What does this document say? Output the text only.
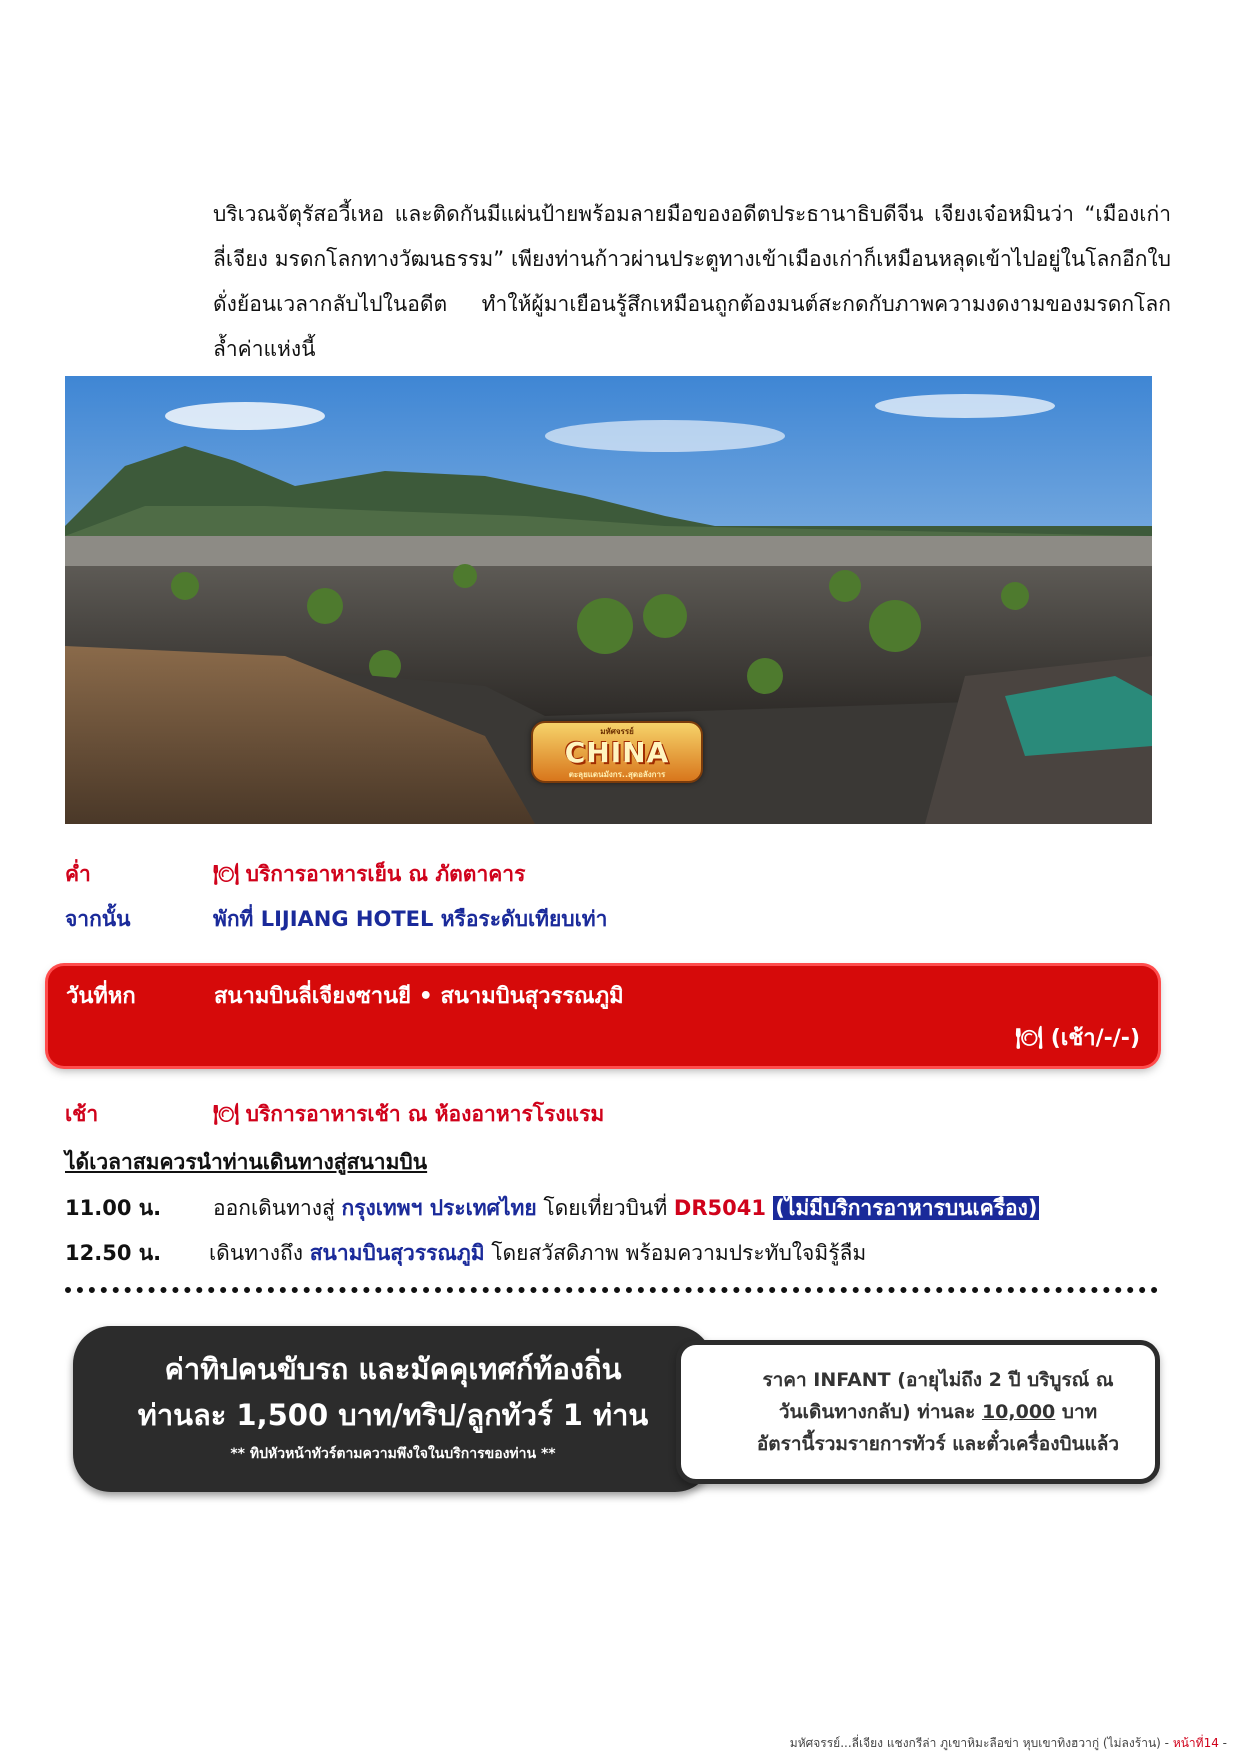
บริเวณจัตุรัสอวี้เหอ และติดกันมีแผ่นป้ายพร้อมลายมือของอดีตประธานาธิบดีจีน เจียงเจ๋อหมินว่า “เมืองเก่าลี่เจียง มรดกโลกทางวัฒนธรรม” เพียงท่านก้าวผ่านประตูทางเข้าเมืองเก่าก็เหมือนหลุดเข้าไปอยู่ในโลกอีกใบดั่งย้อนเวลากลับไปในอดีต ทำให้ผู้มาเยือนรู้สึกเหมือนถูกต้องมนต์สะกดกับภาพความงดงามของมรดกโลกล้ำค่าแห่งนี้

มหัศจรรย์
CHINA
ตะลุยแดนมังกร..สุดอลังการ
ค่ำ	🍽 บริการอาหารเย็น ณ ภัตตาคาร
จากนั้น	พักที่ LIJIANG HOTEL หรือระดับเทียบเท่า
วันที่หก	สนามบินลี่เจียงซานยี • สนามบินสุวรรณภูมิ
🍽 (เช้า/-/-)
เช้า	🍽 บริการอาหารเช้า ณ ห้องอาหารโรงแรม
ได้เวลาสมควรนำท่านเดินทางสู่สนามบิน
11.00 น. ออกเดินทางสู่ กรุงเทพฯ ประเทศไทย โดยเที่ยวบินที่ DR5041 (ไม่มีบริการอาหารบนเครื่อง)
12.50 น. เดินทางถึง สนามบินสุวรรณภูมิ โดยสวัสดิภาพ พร้อมความประทับใจมิรู้ลืม
ค่าทิปคนขับรถ และมัคคุเทศก์ท้องถิ่น
ท่านละ 1,500 บาท/ทริป/ลูกทัวร์ 1 ท่าน
** ทิปหัวหน้าทัวร์ตามความพึงใจในบริการของท่าน **
ราคา INFANT (อายุไม่ถึง 2 ปี บริบูรณ์ ณ
วันเดินทางกลับ) ท่านละ 10,000 บาท
อัตรานี้รวมรายการทัวร์ และตั๋วเครื่องบินแล้ว
มหัศจรรย์...ลี่เจียง แชงกรีล่า ภูเขาหิมะลือข่า หุบเขาทิงฮวากู่ (ไม่ลงร้าน) - หน้าที่14 -
